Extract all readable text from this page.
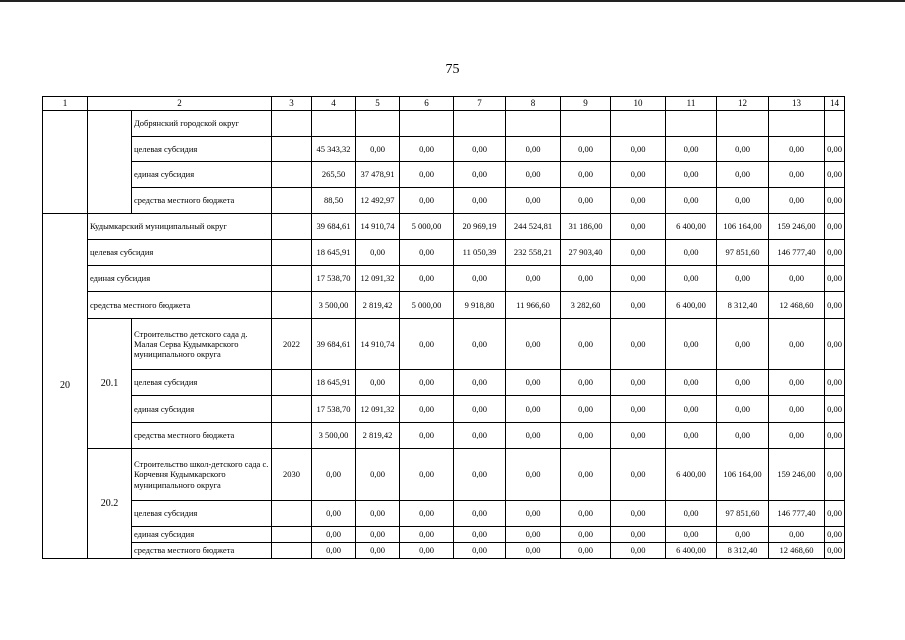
75
1	2		3	4	5	6	7	8	9	10	11	12	13	14
		Добрянский городской округ												
		целевая субсидия		45 343,32	0,00	0,00	0,00	0,00	0,00	0,00	0,00	0,00	0,00	0,00
		единая субсидия		265,50	37 478,91	0,00	0,00	0,00	0,00	0,00	0,00	0,00	0,00	0,00
		средства местного бюджета		88,50	12 492,97	0,00	0,00	0,00	0,00	0,00	0,00	0,00	0,00	0,00
20	Кудымкарский муниципальный округ			39 684,61	14 910,74	5 000,00	20 969,19	244 524,81	31 186,00	0,00	6 400,00	106 164,00	159 246,00	0,00
	целевая субсидия			18 645,91	0,00	0,00	11 050,39	232 558,21	27 903,40	0,00	0,00	97 851,60	146 777,40	0,00
	единая субсидия			17 538,70	12 091,32	0,00	0,00	0,00	0,00	0,00	0,00	0,00	0,00	0,00
	средства местного бюджета			3 500,00	2 819,42	5 000,00	9 918,80	11 966,60	3 282,60	0,00	6 400,00	8 312,40	12 468,60	0,00
	20.1	Строительство детского сада д. Малая Серва Кудымкарского муниципального округа	2022	39 684,61	14 910,74	0,00	0,00	0,00	0,00	0,00	0,00	0,00	0,00	0,00
		целевая субсидия		18 645,91	0,00	0,00	0,00	0,00	0,00	0,00	0,00	0,00	0,00	0,00
		единая субсидия		17 538,70	12 091,32	0,00	0,00	0,00	0,00	0,00	0,00	0,00	0,00	0,00
		средства местного бюджета		3 500,00	2 819,42	0,00	0,00	0,00	0,00	0,00	0,00	0,00	0,00	0,00
	20.2	Строительство школ-детского сада с. Корчевня Кудымкарского муниципального округа	2030	0,00	0,00	0,00	0,00	0,00	0,00	0,00	6 400,00	106 164,00	159 246,00	0,00
		целевая субсидия		0,00	0,00	0,00	0,00	0,00	0,00	0,00	0,00	97 851,60	146 777,40	0,00
		единая субсидия		0,00	0,00	0,00	0,00	0,00	0,00	0,00	0,00	0,00	0,00	0,00
		средства местного бюджета		0,00	0,00	0,00	0,00	0,00	0,00	0,00	6 400,00	8 312,40	12 468,60	0,00
